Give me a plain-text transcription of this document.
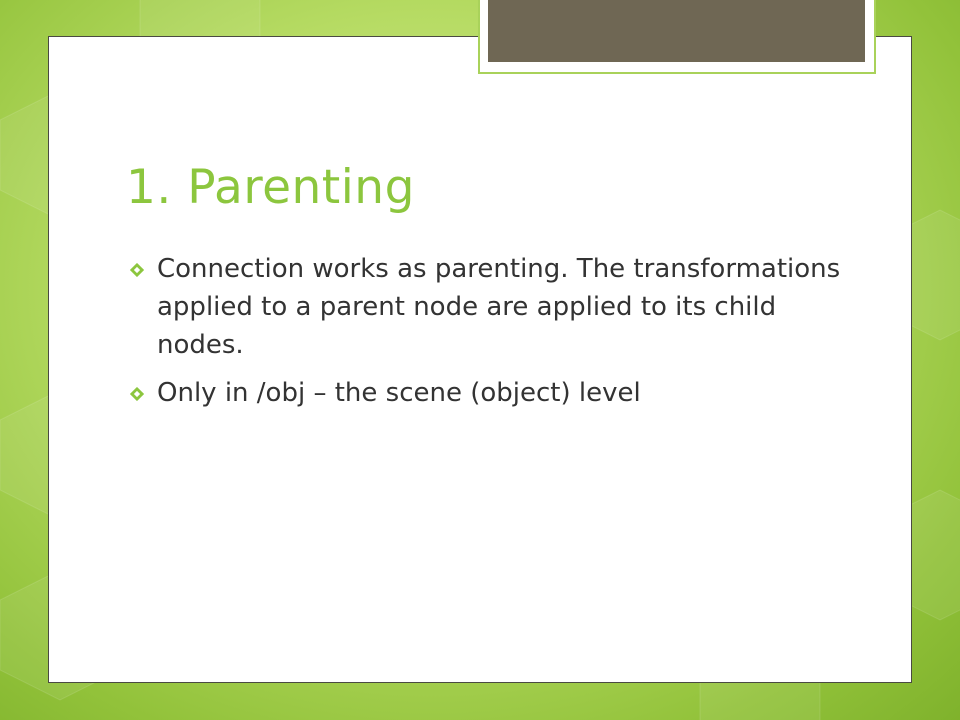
1. Parenting
Connection works as parenting. The transformations applied to a parent node are applied to its child nodes.
Only in /obj – the scene (object) level
